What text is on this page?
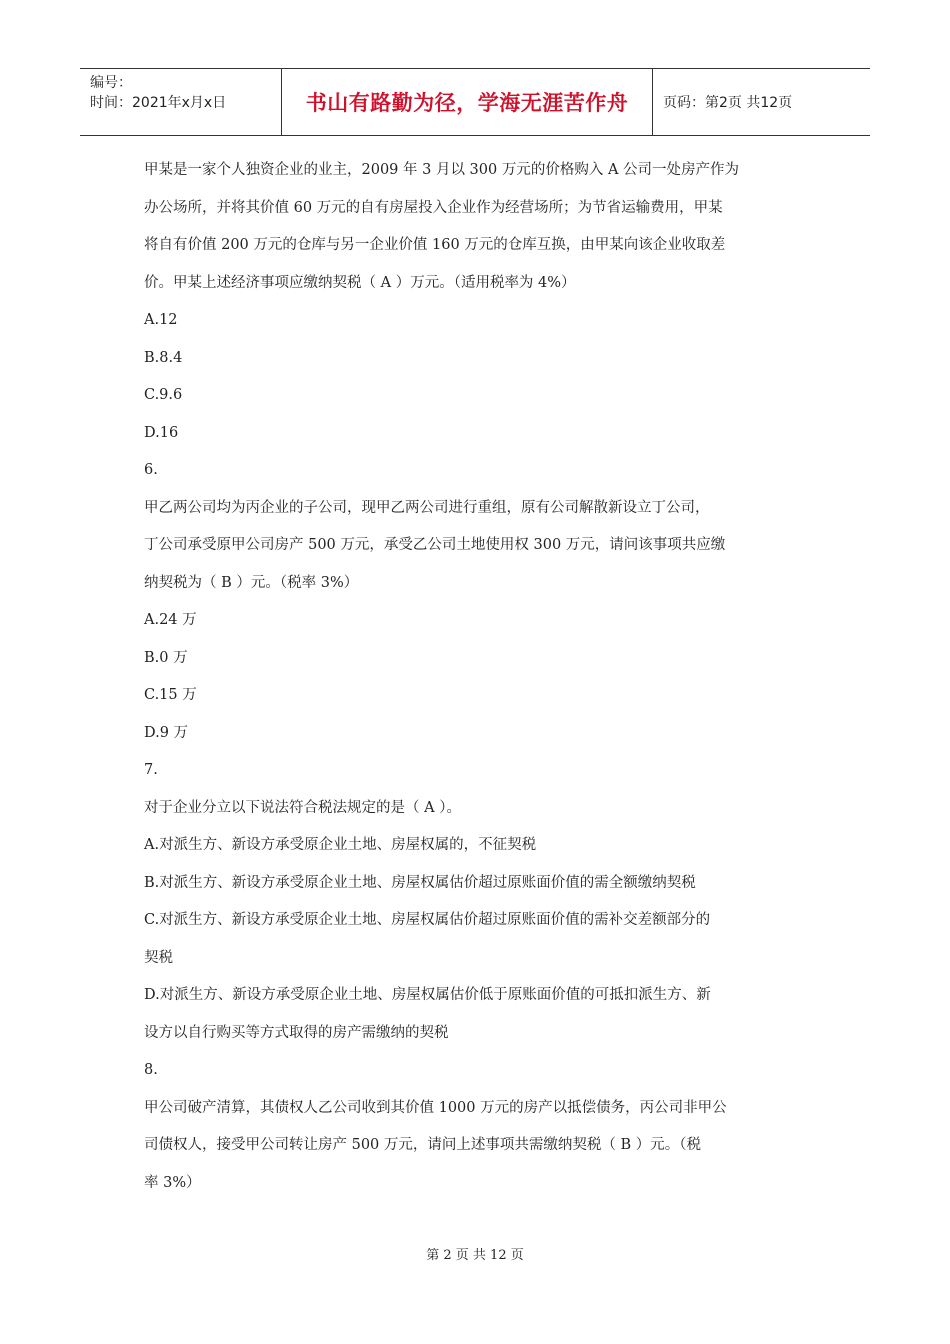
编号：
时间：2021年x月x日	书山有路勤为径，学海无涯苦作舟 页码：第2页 共12页
甲某是一家个人独资企业的业主，2009 年 3 月以 300 万元的价格购入 A 公司一处房产作为
办公场所，并将其价值 60 万元的自有房屋投入企业作为经营场所；为节省运输费用，甲某
将自有价值 200 万元的仓库与另一企业价值 160 万元的仓库互换，由甲某向该企业收取差
价。甲某上述经济事项应缴纳契税（ A ）万元。（适用税率为 4%）
A.12
B.8.4
C.9.6
D.16
6.
甲乙两公司均为丙企业的子公司，现甲乙两公司进行重组，原有公司解散新设立丁公司，
丁公司承受原甲公司房产 500 万元，承受乙公司土地使用权 300 万元，请问该事项共应缴
纳契税为（ B ）元。（税率 3%）
A.24 万
B.0 万
C.15 万
D.9 万
7.
对于企业分立以下说法符合税法规定的是（ A ）。
A.对派生方、新设方承受原企业土地、房屋权属的，不征契税
B.对派生方、新设方承受原企业土地、房屋权属估价超过原账面价值的需全额缴纳契税
C.对派生方、新设方承受原企业土地、房屋权属估价超过原账面价值的需补交差额部分的
契税
D.对派生方、新设方承受原企业土地、房屋权属估价低于原账面价值的可抵扣派生方、新
设方以自行购买等方式取得的房产需缴纳的契税
8.
甲公司破产清算，其债权人乙公司收到其价值 1000 万元的房产以抵偿债务，丙公司非甲公
司债权人，接受甲公司转让房产 500 万元，请问上述事项共需缴纳契税（ B ）元。（税
率 3%）
第 2 页 共 12 页
